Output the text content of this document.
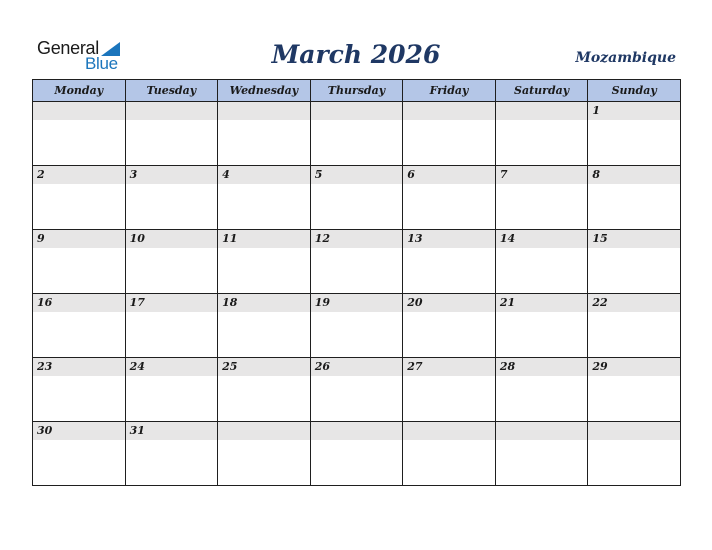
General
Blue	March 2026	Mozambique
Monday	Tuesday	Wednesday	Thursday	Friday	Saturday	Sunday

						1

2	3	4	5	6	7	8

9	10	11	12	13	14	15

16	17	18	19	20	21	22

23	24	25	26	27	28	29

30	31					
